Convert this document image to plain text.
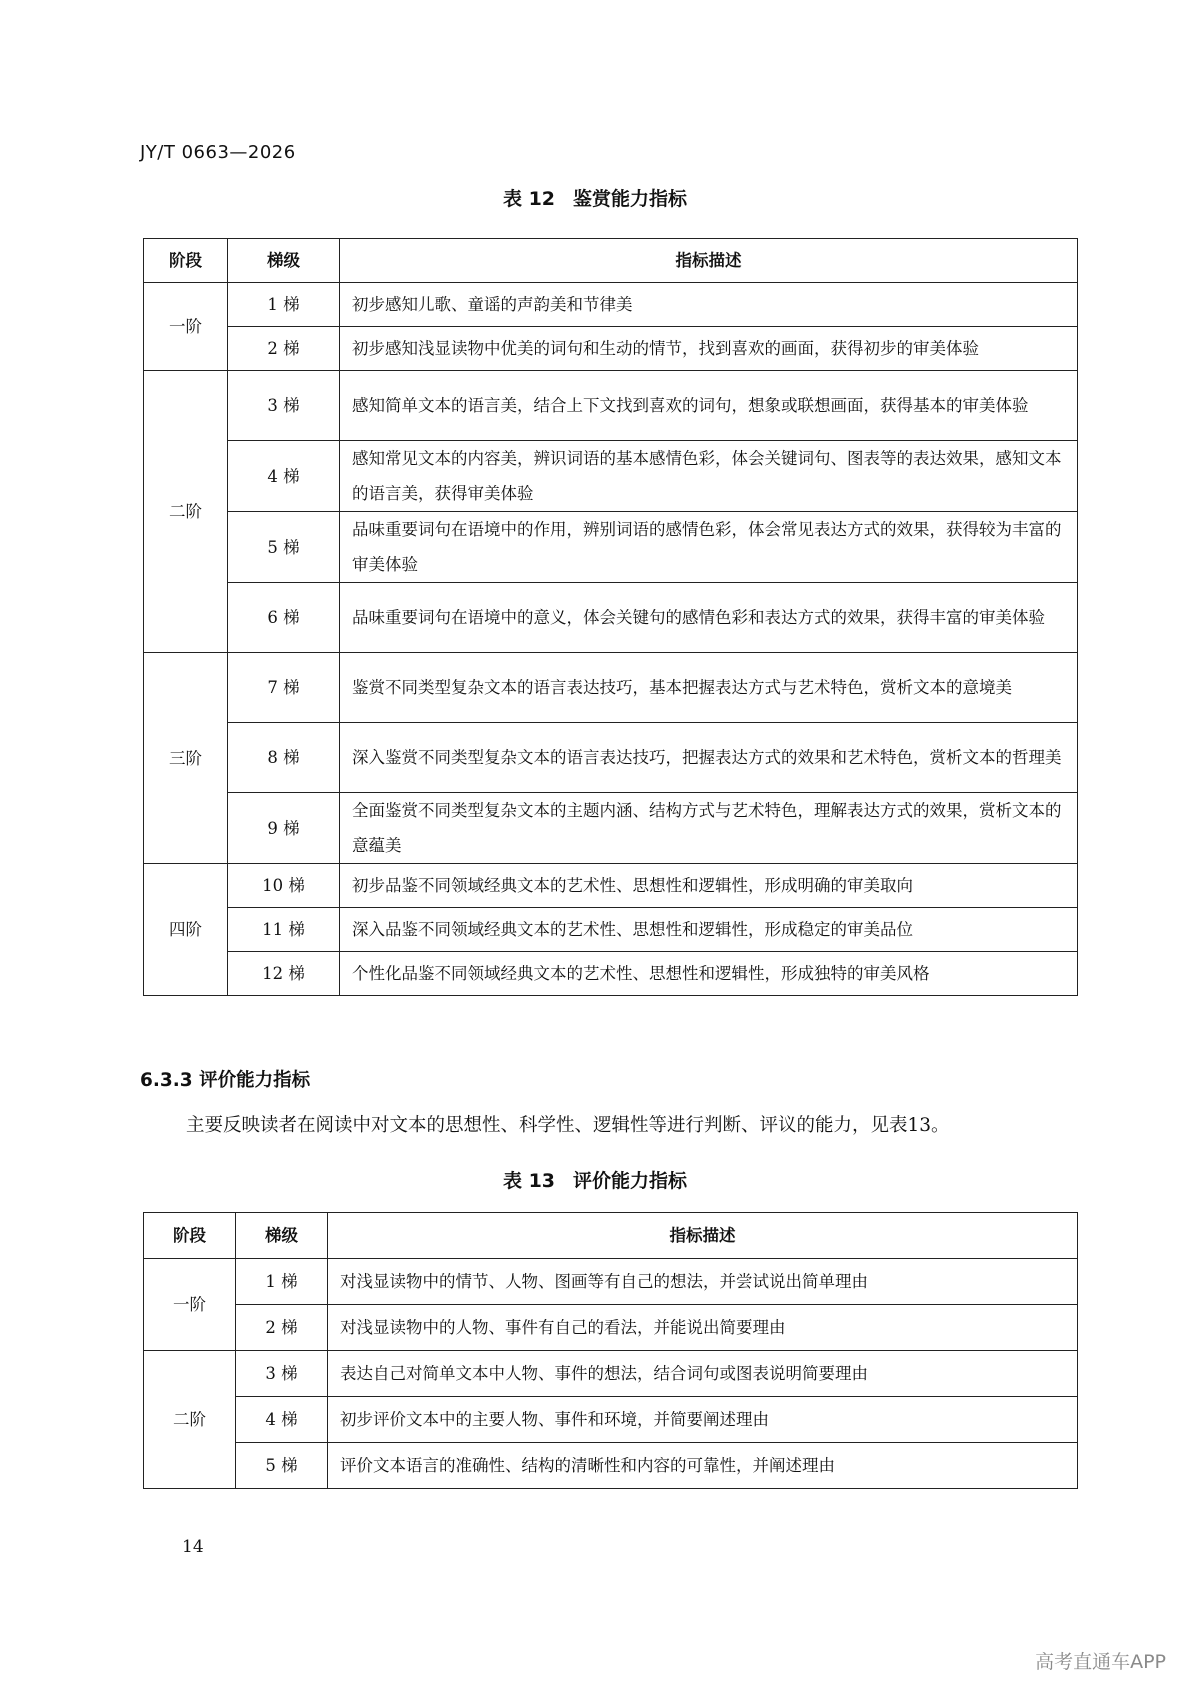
JY/T 0663—2026
表 12 鉴赏能力指标
阶段	梯级	指标描述
一阶	1 梯	初步感知儿歌、童谣的声韵美和节律美
	2 梯	初步感知浅显读物中优美的词句和生动的情节，找到喜欢的画面，获得初步的审美体验
二阶	3 梯	感知简单文本的语言美，结合上下文找到喜欢的词句，想象或联想画面，获得基本的审美体验
	4 梯	感知常见文本的内容美，辨识词语的基本感情色彩，体会关键词句、图表等的表达效果，感知文本的语言美，获得审美体验
	5 梯	品味重要词句在语境中的作用，辨别词语的感情色彩，体会常见表达方式的效果，获得较为丰富的审美体验
	6 梯	品味重要词句在语境中的意义，体会关键句的感情色彩和表达方式的效果，获得丰富的审美体验
三阶	7 梯	鉴赏不同类型复杂文本的语言表达技巧，基本把握表达方式与艺术特色，赏析文本的意境美
	8 梯	深入鉴赏不同类型复杂文本的语言表达技巧，把握表达方式的效果和艺术特色，赏析文本的哲理美
	9 梯	全面鉴赏不同类型复杂文本的主题内涵、结构方式与艺术特色，理解表达方式的效果，赏析文本的意蕴美
四阶	10 梯	初步品鉴不同领域经典文本的艺术性、思想性和逻辑性，形成明确的审美取向
	11 梯	深入品鉴不同领域经典文本的艺术性、思想性和逻辑性，形成稳定的审美品位
	12 梯	个性化品鉴不同领域经典文本的艺术性、思想性和逻辑性，形成独特的审美风格
6.3.3 评价能力指标
主要反映读者在阅读中对文本的思想性、科学性、逻辑性等进行判断、评议的能力，见表13。
表 13 评价能力指标
阶段	梯级	指标描述
一阶	1 梯	对浅显读物中的情节、人物、图画等有自己的想法，并尝试说出简单理由
	2 梯	对浅显读物中的人物、事件有自己的看法，并能说出简要理由
二阶	3 梯	表达自己对简单文本中人物、事件的想法，结合词句或图表说明简要理由
	4 梯	初步评价文本中的主要人物、事件和环境，并简要阐述理由
	5 梯	评价文本语言的准确性、结构的清晰性和内容的可靠性，并阐述理由
14
高考直通车APP
